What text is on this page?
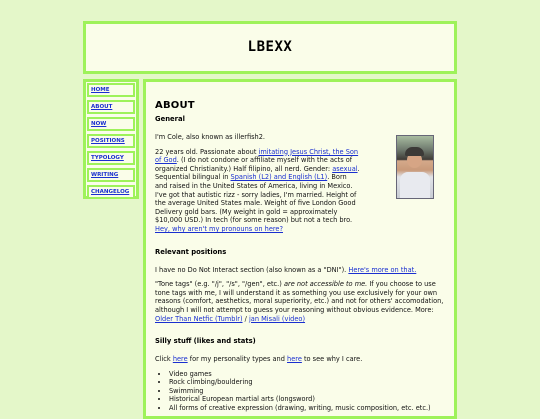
LBEXX
HOME
ABOUT
NOW
POSITIONS
TYPOLOGY
WRITING
CHANGELOG
ABOUT
General

I'm Cole, also known as illerfish2.

22 years old. Passionate about imitating Jesus Christ, the Son of God. (I do not condone or affiliate myself with the acts of organized Christianity.) Half filipino, all nerd. Gender: asexual. Sequential bilingual in Spanish (L2) and English (L1). Born and raised in the United States of America, living in Mexico. I've got that autistic rizz - sorry ladies, I'm married. Height of the average United States male. Weight of five London Good Delivery gold bars. (My weight in gold = approximately $10,000 USD.) In tech (for some reason) but not a tech bro. Hey, why aren't my pronouns on here?

Relevant positions

I have no Do Not Interact section (also known as a "DNI"). Here's more on that.

"Tone tags" (e.g. "/j", "/s", "/gen", etc.) are not accessible to me. If you choose to use tone tags with me, I will understand it as something you use exclusively for your own reasons (comfort, aesthetics, moral superiority, etc.) and not for others' accomodation, although I will not attempt to guess your reasoning without obvious evidence. More: Older Than Netfic (Tumblr) / jan Misali (video)

Silly stuff (likes and stats)

Click here for my personality types and here to see why I care.

• Video games
• Rock climbing/bouldering
• Swimming
• Historical European martial arts (longsword)
• All forms of creative expression (drawing, writing, music composition, etc. etc.)
